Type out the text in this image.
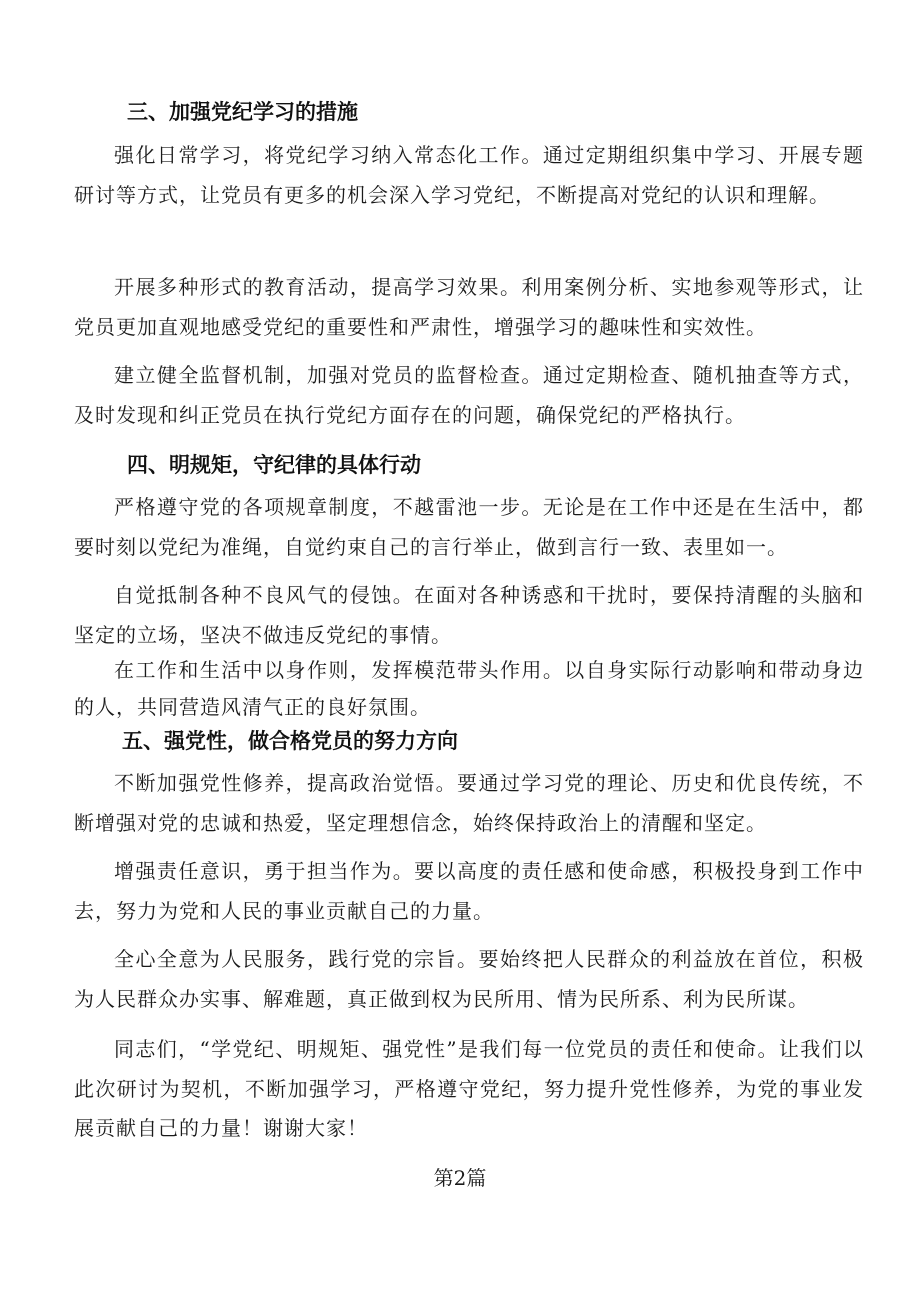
三、加强党纪学习的措施
强化日常学习，将党纪学习纳入常态化工作。通过定期组织集中学习、开展专题研讨等方式，让党员有更多的机会深入学习党纪，不断提高对党纪的认识和理解。
开展多种形式的教育活动，提高学习效果。利用案例分析、实地参观等形式，让党员更加直观地感受党纪的重要性和严肃性，增强学习的趣味性和实效性。
建立健全监督机制，加强对党员的监督检查。通过定期检查、随机抽查等方式，及时发现和纠正党员在执行党纪方面存在的问题，确保党纪的严格执行。
四、明规矩，守纪律的具体行动
严格遵守党的各项规章制度，不越雷池一步。无论是在工作中还是在生活中，都要时刻以党纪为准绳，自觉约束自己的言行举止，做到言行一致、表里如一。
自觉抵制各种不良风气的侵蚀。在面对各种诱惑和干扰时，要保持清醒的头脑和坚定的立场，坚决不做违反党纪的事情。
在工作和生活中以身作则，发挥模范带头作用。以自身实际行动影响和带动身边的人，共同营造风清气正的良好氛围。
五、强党性，做合格党员的努力方向
不断加强党性修养，提高政治觉悟。要通过学习党的理论、历史和优良传统，不断增强对党的忠诚和热爱，坚定理想信念，始终保持政治上的清醒和坚定。
增强责任意识，勇于担当作为。要以高度的责任感和使命感，积极投身到工作中去，努力为党和人民的事业贡献自己的力量。
全心全意为人民服务，践行党的宗旨。要始终把人民群众的利益放在首位，积极为人民群众办实事、解难题，真正做到权为民所用、情为民所系、利为民所谋。
同志们，“学党纪、明规矩、强党性”是我们每一位党员的责任和使命。让我们以此次研讨为契机，不断加强学习，严格遵守党纪，努力提升党性修养，为党的事业发展贡献自己的力量！谢谢大家！
第2篇
